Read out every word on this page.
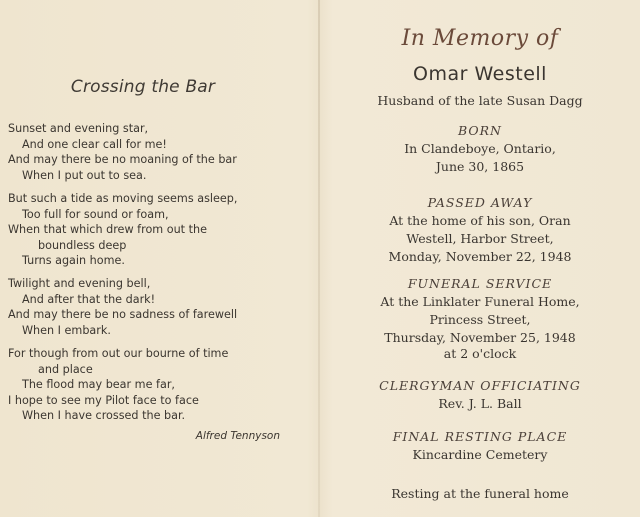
Crossing the Bar
Sunset and evening star,
And one clear call for me!
And may there be no moaning of the bar
When I put out to sea.
But such a tide as moving seems asleep,
Too full for sound or foam,
When that which drew from out the
boundless deep
Turns again home.
Twilight and evening bell,
And after that the dark!
And may there be no sadness of farewell
When I embark.
For though from out our bourne of time
and place
The flood may bear me far,
I hope to see my Pilot face to face
When I have crossed the bar.
Alfred Tennyson
In Memory of
Omar Westell
Husband of the late Susan Dagg
BORN
In Clandeboye, Ontario,
June 30, 1865
PASSED AWAY
At the home of his son, Oran
Westell, Harbor Street,
Monday, November 22, 1948
FUNERAL SERVICE
At the Linklater Funeral Home,
Princess Street,
Thursday, November 25, 1948
at 2 o'clock
CLERGYMAN OFFICIATING
Rev. J. L. Ball
FINAL RESTING PLACE
Kincardine Cemetery
Resting at the funeral home
